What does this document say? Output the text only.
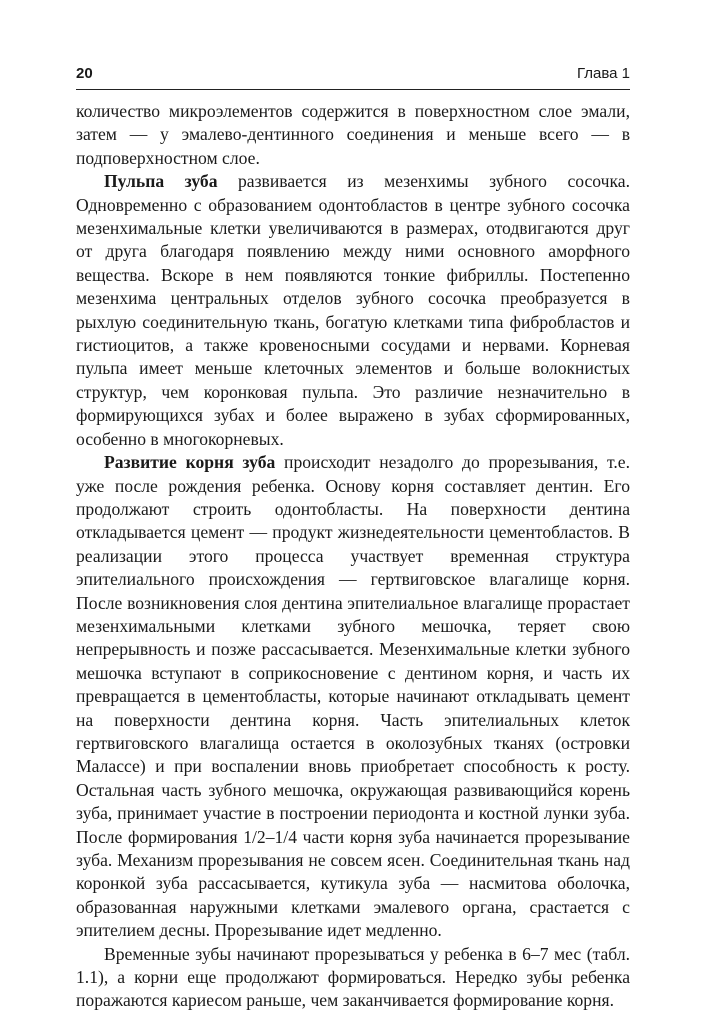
20	Глава 1

количество микроэлементов содержится в поверхностном слое эмали, затем — у эмалево-дентинного соединения и меньше всего — в подповерхностном слое.

Пульпа зуба развивается из мезенхимы зубного сосочка. Одновременно с образованием одонтобластов в центре зубного сосочка мезенхимальные клетки увеличиваются в размерах, отодвигаются друг от друга благодаря появлению между ними основного аморфного вещества. Вскоре в нем появляются тонкие фибриллы. Постепенно мезенхима центральных отделов зубного сосочка преобразуется в рыхлую соединительную ткань, богатую клетками типа фибробластов и гистиоцитов, а также кровеносными сосудами и нервами. Корневая пульпа имеет меньше клеточных элементов и больше волокнистых структур, чем коронковая пульпа. Это различие незначительно в формирующихся зубах и более выражено в зубах сформированных, особенно в многокорневых.

Развитие корня зуба происходит незадолго до прорезывания, т.е. уже после рождения ребенка. Основу корня составляет дентин. Его продолжают строить одонтобласты. На поверхности дентина откладывается цемент — продукт жизнедеятельности цементобластов. В реализации этого процесса участвует временная структура эпителиального происхождения — гертвиговское влагалище корня. После возникновения слоя дентина эпителиальное влагалище прорастает мезенхимальными клетками зубного мешочка, теряет свою непрерывность и позже рассасывается. Мезенхимальные клетки зубного мешочка вступают в соприкосновение с дентином корня, и часть их превращается в цементобласты, которые начинают откладывать цемент на поверхности дентина корня. Часть эпителиальных клеток гертвиговского влагалища остается в околозубных тканях (островки Малассе) и при воспалении вновь приобретает способность к росту. Остальная часть зубного мешочка, окружающая развивающийся корень зуба, принимает участие в построении периодонта и костной лунки зуба. После формирования 1/2–1/4 части корня зуба начинается прорезывание зуба. Механизм прорезывания не совсем ясен. Соединительная ткань над коронкой зуба рассасывается, кутикула зуба — насмитова оболочка, образованная наружными клетками эмалевого органа, срастается с эпителием десны. Прорезывание идет медленно.

Временные зубы начинают прорезываться у ребенка в 6–7 мес (табл. 1.1), а корни еще продолжают формироваться. Нередко зубы ребенка поражаются кариесом раньше, чем заканчивается формирование корня.
